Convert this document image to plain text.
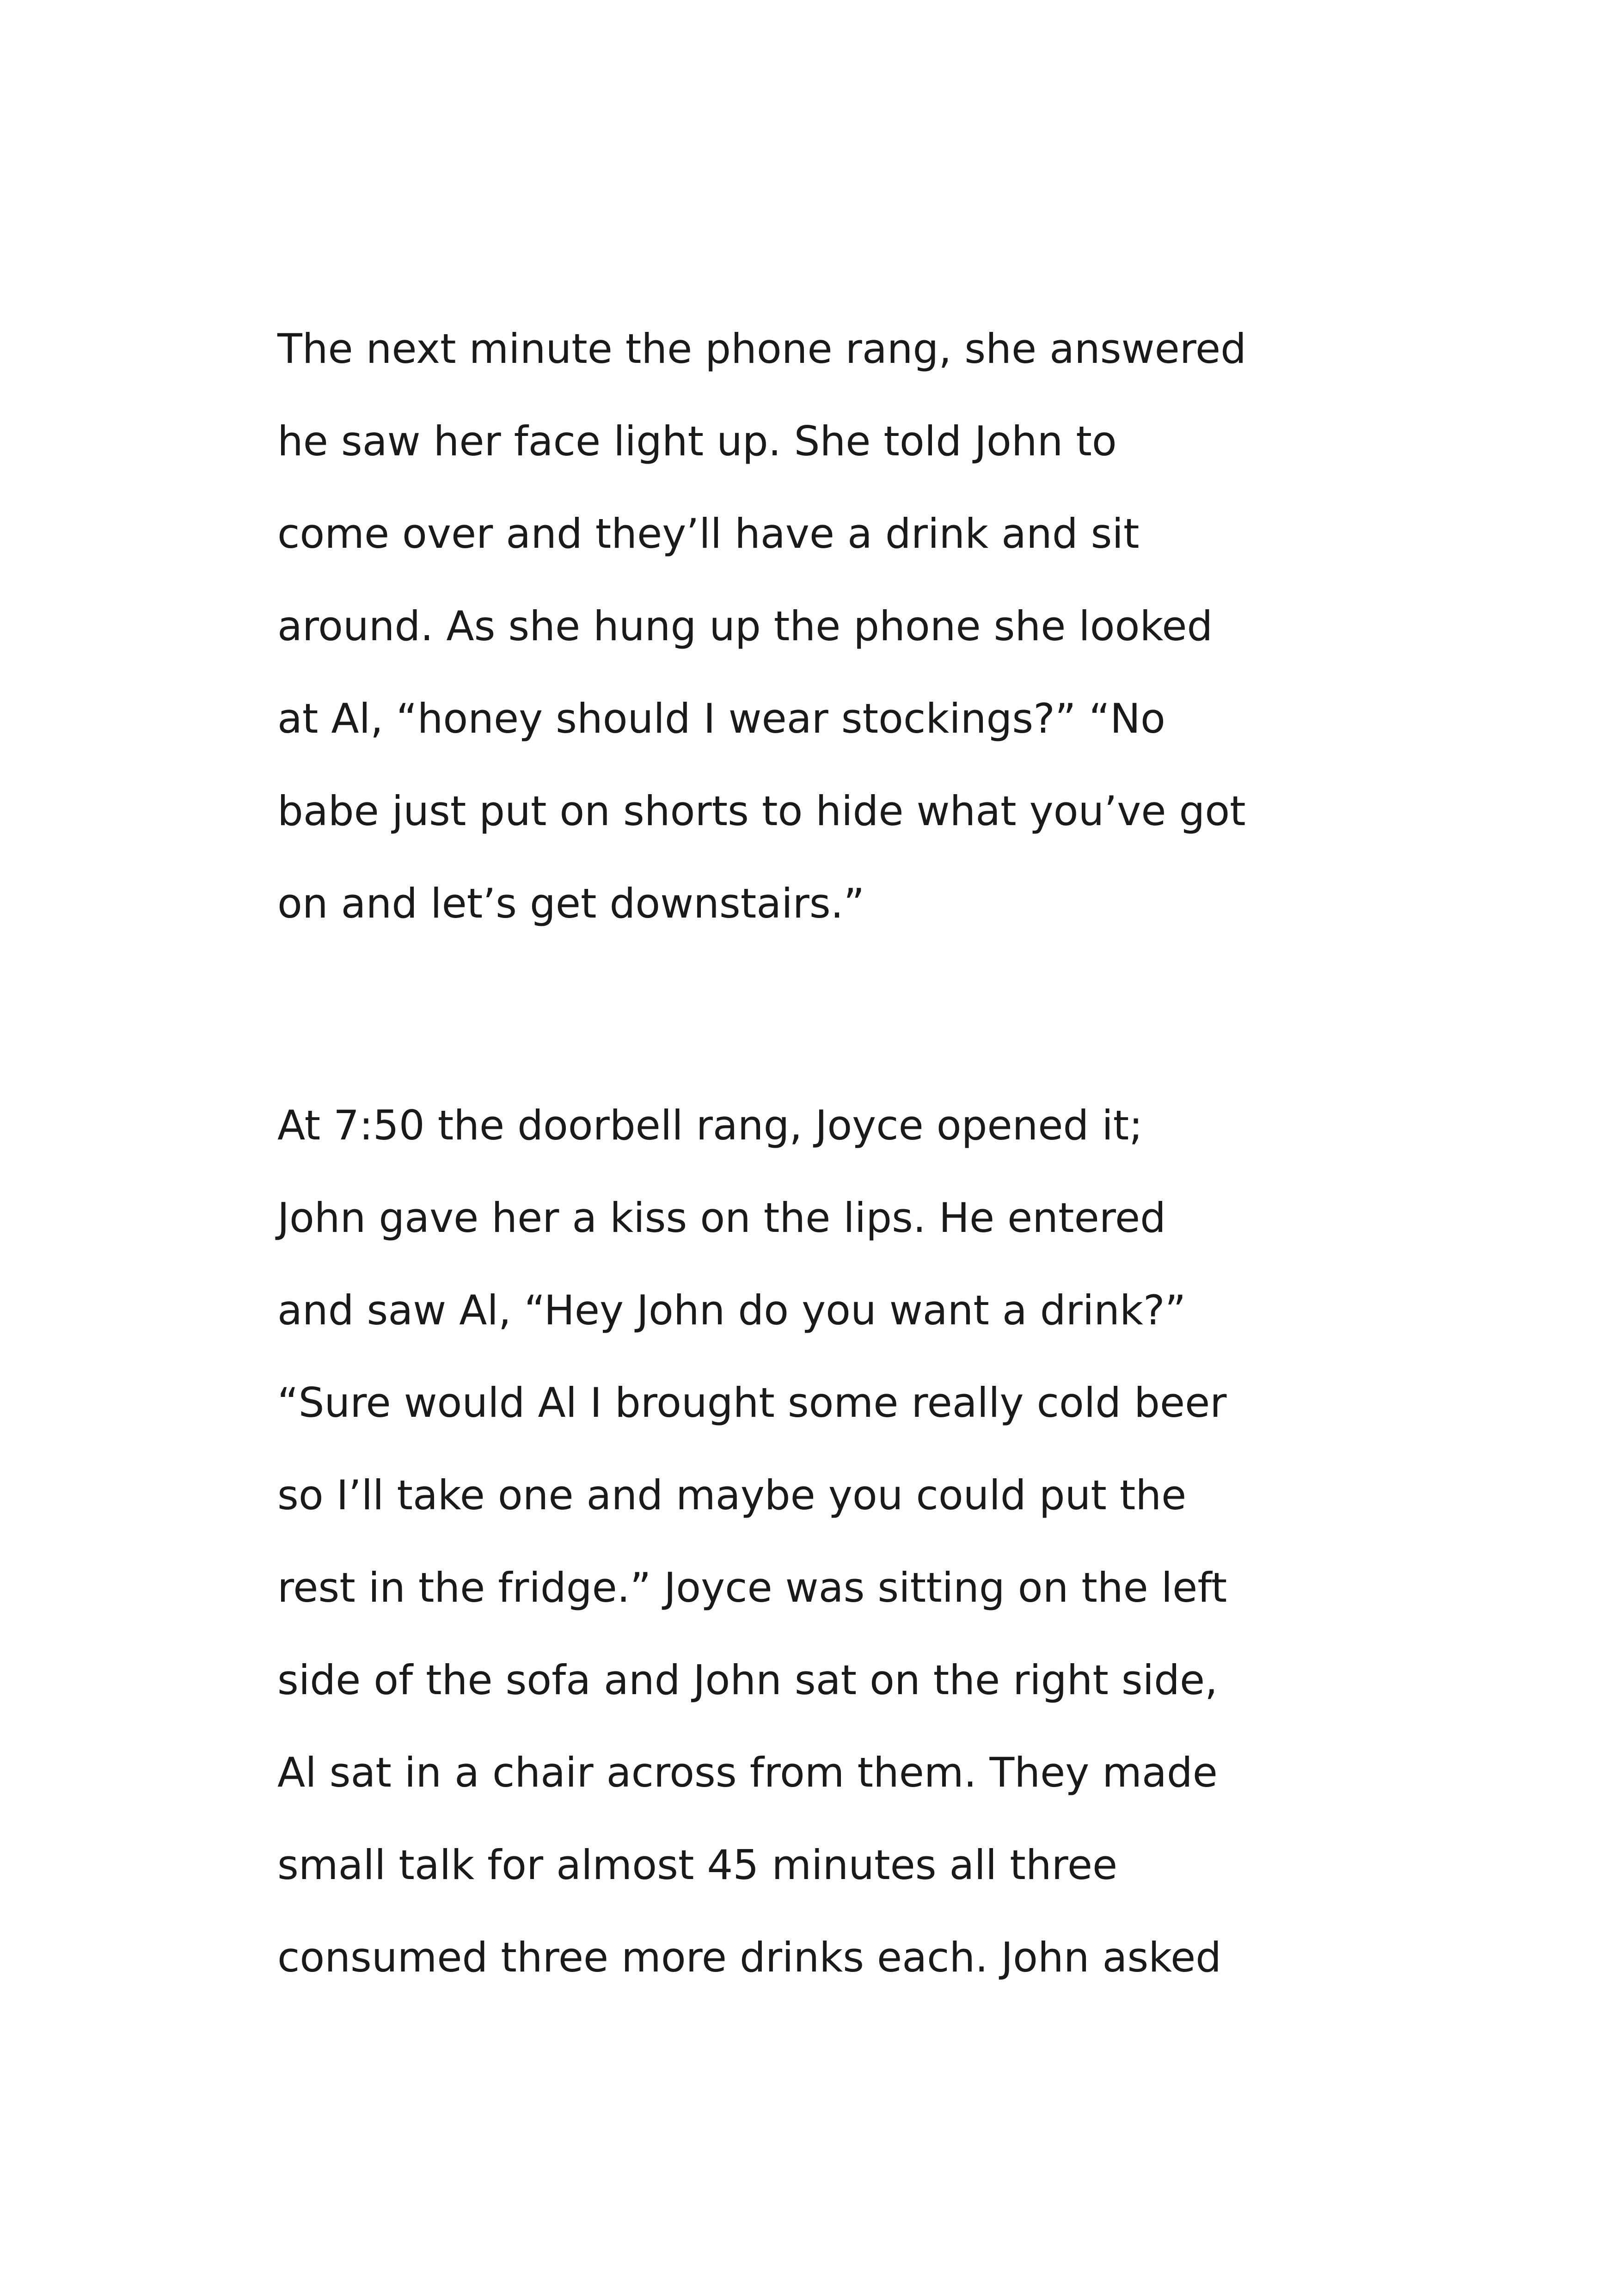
The next minute the phone rang, she answered
he saw her face light up. She told John to
come over and they’ll have a drink and sit
around. As she hung up the phone she looked
at Al, “honey should I wear stockings?” “No
babe just put on shorts to hide what you’ve got
on and let’s get downstairs.”
At 7:50 the doorbell rang, Joyce opened it;
John gave her a kiss on the lips. He entered
and saw Al, “Hey John do you want a drink?”
“Sure would Al I brought some really cold beer
so I’ll take one and maybe you could put the
rest in the fridge.” Joyce was sitting on the left
side of the sofa and John sat on the right side,
Al sat in a chair across from them. They made
small talk for almost 45 minutes all three
consumed three more drinks each. John asked
